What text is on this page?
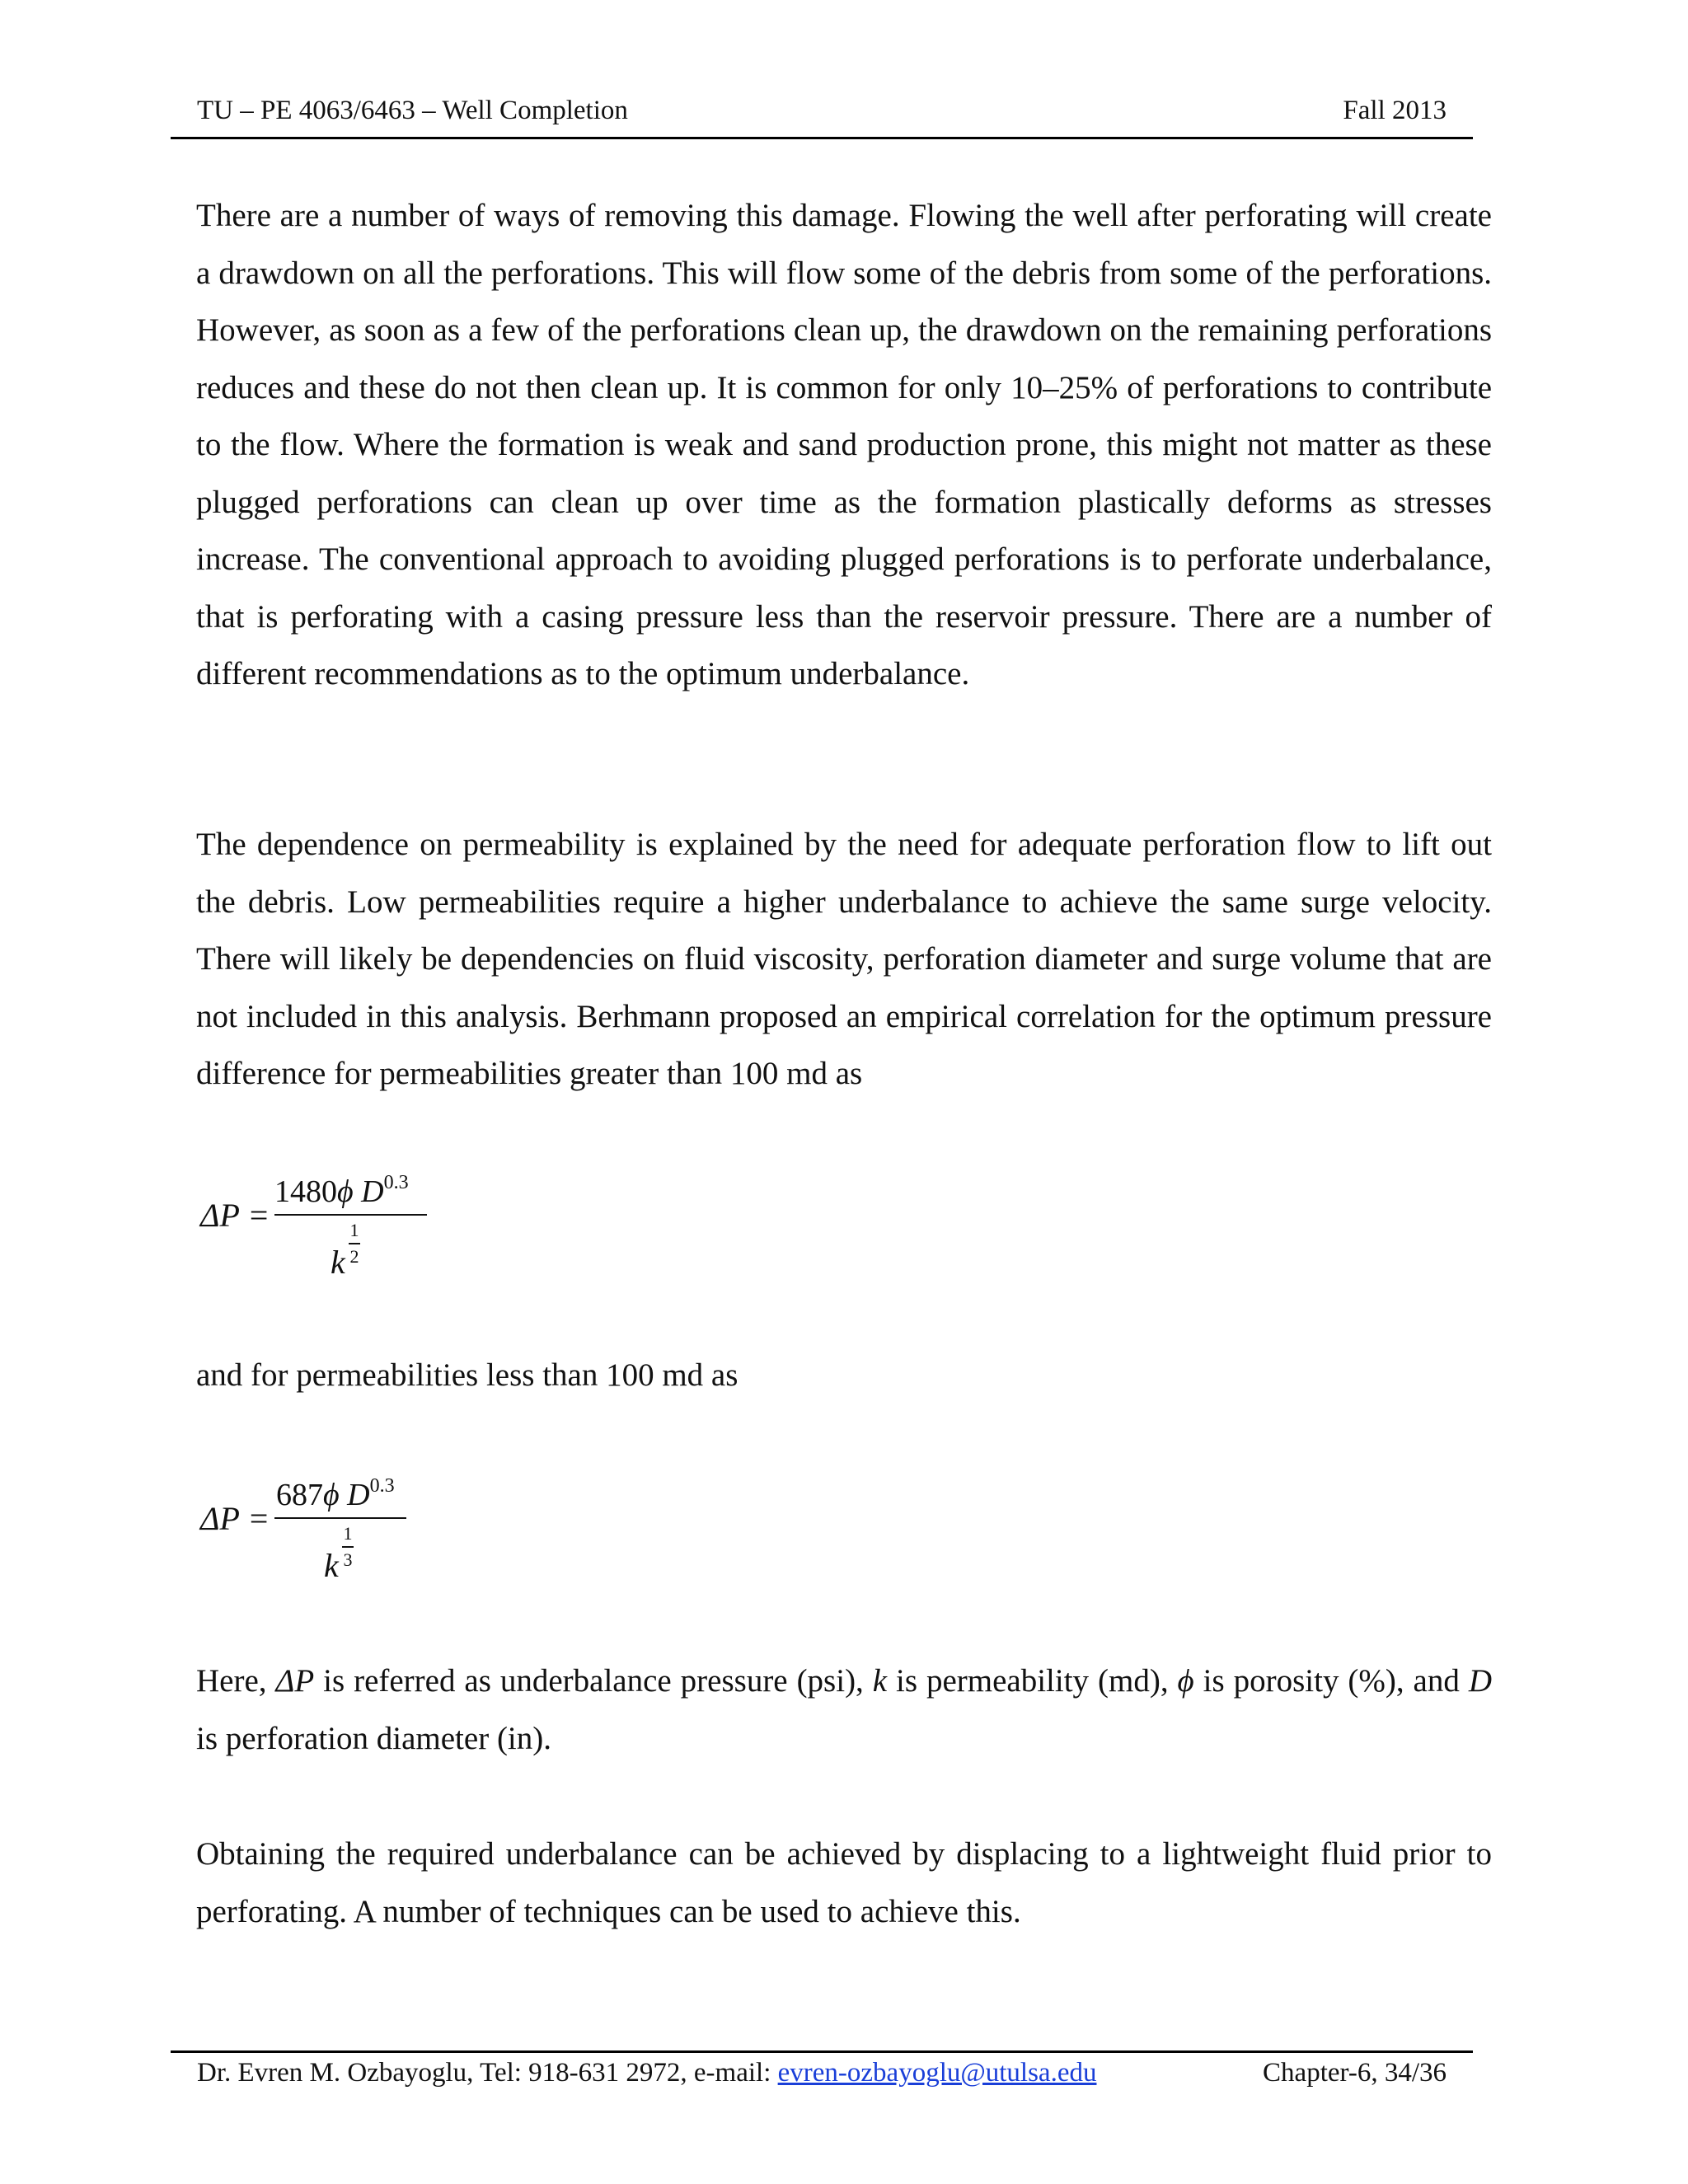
TU – PE 4063/6463 – Well Completion	Fall 2013

There are a number of ways of removing this damage. Flowing the well after perforating will create a drawdown on all the perforations. This will flow some of the debris from some of the perforations. However, as soon as a few of the perforations clean up, the drawdown on the remaining perforations reduces and these do not then clean up. It is common for only 10–25% of perforations to contribute to the flow. Where the formation is weak and sand production prone, this might not matter as these plugged perforations can clean up over time as the formation plastically deforms as stresses increase. The conventional approach to avoiding plugged perforations is to perforate underbalance, that is perforating with a casing pressure less than the reservoir pressure. There are a number of different recommendations as to the optimum underbalance.

The dependence on permeability is explained by the need for adequate perforation flow to lift out the debris. Low permeabilities require a higher underbalance to achieve the same surge velocity. There will likely be dependencies on fluid viscosity, perforation diameter and surge volume that are not included in this analysis. Berhmann proposed an empirical correlation for the optimum pressure difference for permeabilities greater than 100 md as

ΔP =
1480ϕ $D^{0.3}$
k
1
2

and for permeabilities less than 100 md as

ΔP =
687ϕ $D^{0.3}$
k
1
3

Here, ΔP is referred as underbalance pressure (psi), k is permeability (md), ϕ is porosity (%), and D is perforation diameter (in).

Obtaining the required underbalance can be achieved by displacing to a lightweight fluid prior to perforating. A number of techniques can be used to achieve this.

Dr. Evren M. Ozbayoglu, Tel: 918-631 2972, e-mail: evren-ozbayoglu@utulsa.edu	Chapter-6, 34/36
